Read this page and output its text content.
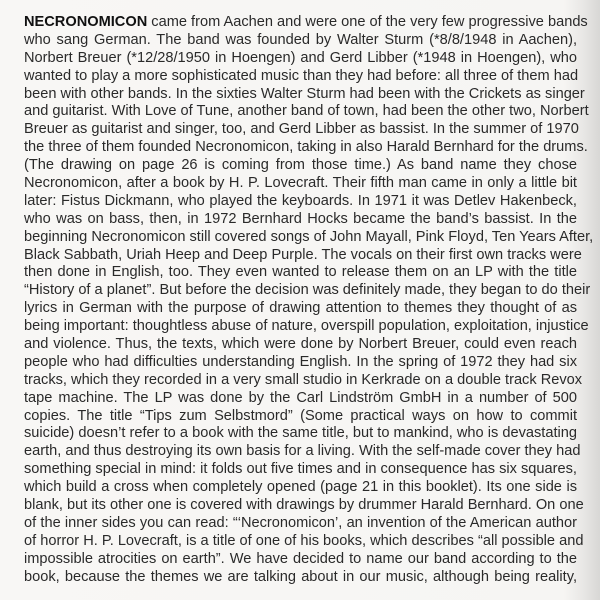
NECRONOMICON came from Aachen and were one of the very few progressive bands
who sang German. The band was founded by Walter Sturm (*8/8/1948 in Aachen),
Norbert Breuer (*12/28/1950 in Hoengen) and Gerd Libber (*1948 in Hoengen), who
wanted to play a more sophisticated music than they had before: all three of them had
been with other bands. In the sixties Walter Sturm had been with the Crickets as singer
and guitarist. With Love of Tune, another band of town, had been the other two, Norbert
Breuer as guitarist and singer, too, and Gerd Libber as bassist. In the summer of 1970
the three of them founded Necronomicon, taking in also Harald Bernhard for the drums.
(The drawing on page 26 is coming from those time.) As band name they chose
Necronomicon, after a book by H. P. Lovecraft. Their fifth man came in only a little bit
later: Fistus Dickmann, who played the keyboards. In 1971 it was Detlev Hakenbeck,
who was on bass, then, in 1972 Bernhard Hocks became the band’s bassist. In the
beginning Necronomicon still covered songs of John Mayall, Pink Floyd, Ten Years After,
Black Sabbath, Uriah Heep and Deep Purple. The vocals on their first own tracks were
then done in English, too. They even wanted to release them on an LP with the title
“History of a planet”. But before the decision was definitely made, they began to do their
lyrics in German with the purpose of drawing attention to themes they thought of as
being important: thoughtless abuse of nature, overspill population, exploitation, injustice
and violence. Thus, the texts, which were done by Norbert Breuer, could even reach
people who had difficulties understanding English. In the spring of 1972 they had six
tracks, which they recorded in a very small studio in Kerkrade on a double track Revox
tape machine. The LP was done by the Carl Lindström GmbH in a number of 500
copies. The title “Tips zum Selbstmord” (Some practical ways on how to commit
suicide) doesn’t refer to a book with the same title, but to mankind, who is devastating
earth, and thus destroying its own basis for a living. With the self-made cover they had
something special in mind: it folds out five times and in consequence has six squares,
which build a cross when completely opened (page 21 in this booklet). Its one side is
blank, but its other one is covered with drawings by drummer Harald Bernhard. On one
of the inner sides you can read: “‘Necronomicon’, an invention of the American author
of horror H. P. Lovecraft, is a title of one of his books, which describes “all possible and
impossible atrocities on earth”. We have decided to name our band according to the
book, because the themes we are talking about in our music, although being reality,
